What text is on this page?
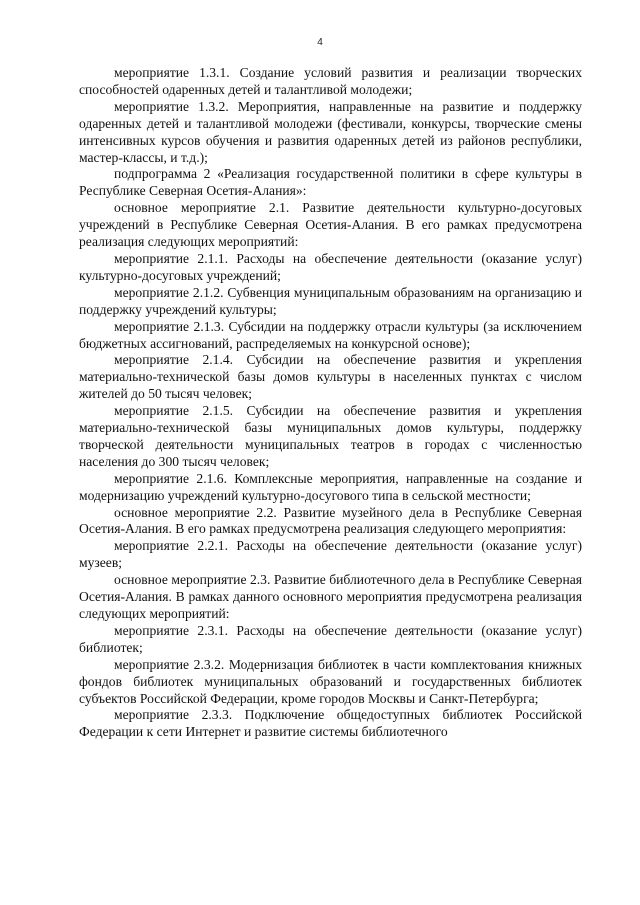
4

мероприятие 1.3.1. Создание условий развития и реализации творческих способностей одаренных детей и талантливой молодежи;

мероприятие 1.3.2. Мероприятия, направленные на развитие и поддержку одаренных детей и талантливой молодежи (фестивали, конкурсы, творческие смены интенсивных курсов обучения и развития одаренных детей из районов республики, мастер-классы, и т.д.);

подпрограмма 2 «Реализация государственной политики в сфере культуры в Республике Северная Осетия-Алания»:

основное мероприятие 2.1. Развитие деятельности культурно-досуговых учреждений в Республике Северная Осетия-Алания. В его рамках предусмотрена реализация следующих мероприятий:

мероприятие 2.1.1. Расходы на обеспечение деятельности (оказание услуг) культурно-досуговых учреждений;

мероприятие 2.1.2. Субвенция муниципальным образованиям на организацию и поддержку учреждений культуры;

мероприятие 2.1.3. Субсидии на поддержку отрасли культуры (за исключением бюджетных ассигнований, распределяемых на конкурсной основе);

мероприятие 2.1.4. Субсидии на обеспечение развития и укрепления материально-технической базы домов культуры в населенных пунктах с числом жителей до 50 тысяч человек;

мероприятие 2.1.5. Субсидии на обеспечение развития и укрепления материально-технической базы муниципальных домов культуры, поддержку творческой деятельности муниципальных театров в городах с численностью населения до 300 тысяч человек;

мероприятие 2.1.6. Комплексные мероприятия, направленные на создание и модернизацию учреждений культурно-досугового типа в сельской местности;

основное мероприятие 2.2. Развитие музейного дела в Республике Северная Осетия-Алания. В его рамках предусмотрена реализация следующего мероприятия:

мероприятие 2.2.1. Расходы на обеспечение деятельности (оказание услуг) музеев;

основное мероприятие 2.3. Развитие библиотечного дела в Республике Северная Осетия-Алания. В рамках данного основного мероприятия предусмотрена реализация следующих мероприятий:

мероприятие 2.3.1. Расходы на обеспечение деятельности (оказание услуг) библиотек;

мероприятие 2.3.2. Модернизация библиотек в части комплектования книжных фондов библиотек муниципальных образований и государственных библиотек субъектов Российской Федерации, кроме городов Москвы и Санкт-Петербурга;

мероприятие 2.3.3. Подключение общедоступных библиотек Российской Федерации к сети Интернет и развитие системы библиотечного
